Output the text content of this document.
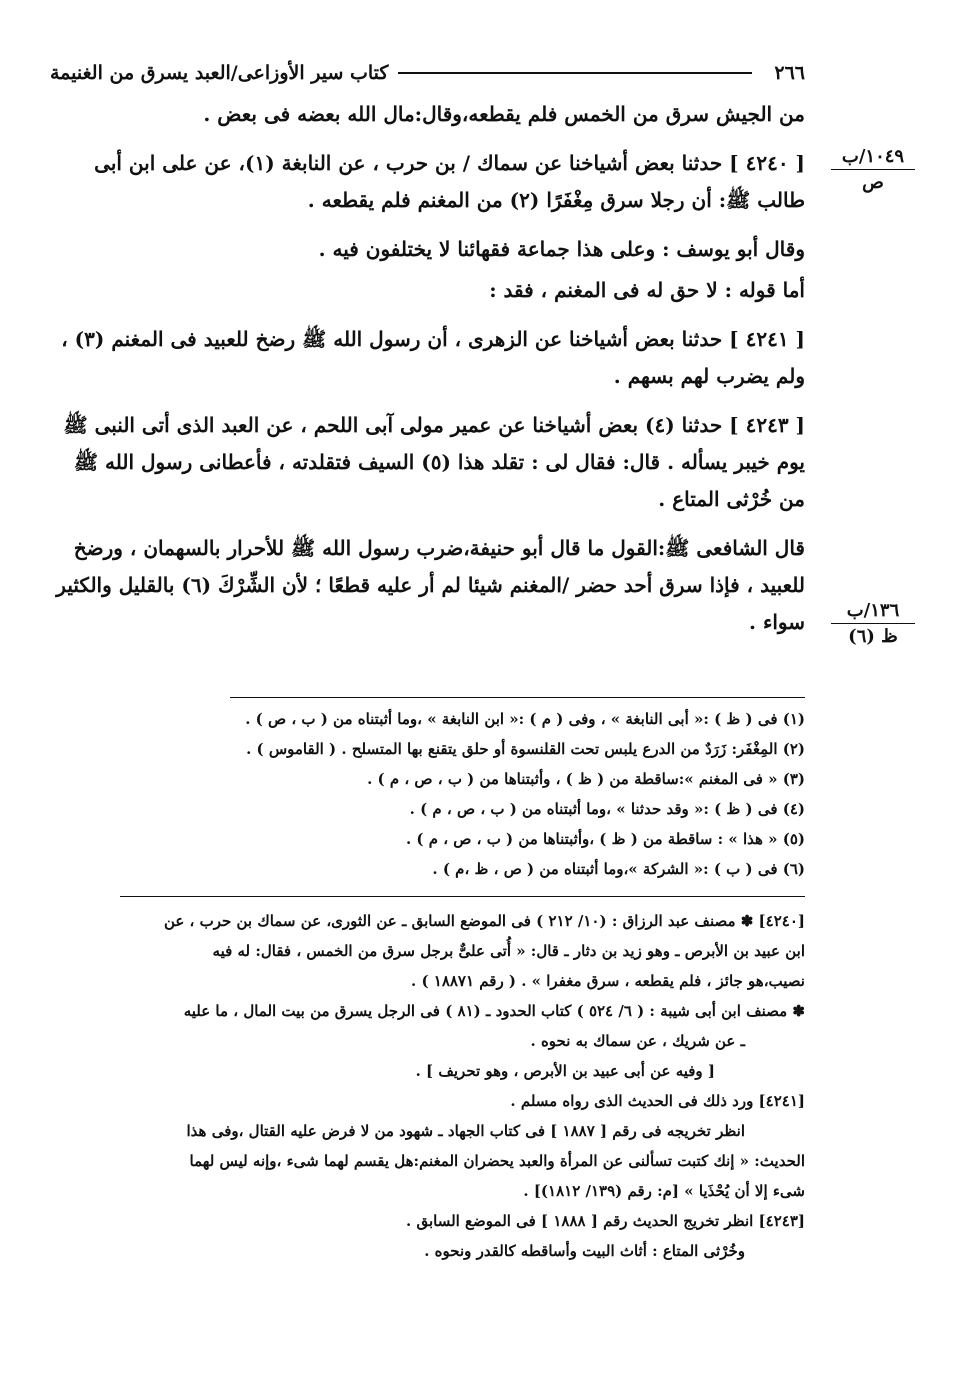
٢٦٦
كتاب سير الأوزاعى/العبد يسرق من الغنيمة
١٠٤٩/ب
ص
١٣٦/ب
ظ (٦)

من الجيش سرق من الخمس فلم يقطعه،وقال:مال الله بعضه فى بعض .

[ ٤٢٤٠ ] حدثنا بعض أشياخنا عن سماك / بن حرب ، عن النابغة (١)، عن على ابن أبى طالب ﷺ: أن رجلا سرق مِغْفَرًا (٢) من المغنم فلم يقطعه .

وقال أبو يوسف : وعلى هذا جماعة فقهائنا لا يختلفون فيه .

أما قوله : لا حق له فى المغنم ، فقد :

[ ٤٢٤١ ] حدثنا بعض أشياخنا عن الزهرى ، أن رسول الله ﷺ رضخ للعبيد فى المغنم (٣) ، ولم يضرب لهم بسهم .

[ ٤٢٤٣ ] حدثنا (٤) بعض أشياخنا عن عمير مولى آبى اللحم ، عن العبد الذى أتى النبى ﷺ يوم خيبر يسأله . قال: فقال لى : تقلد هذا (٥) السيف فتقلدته ، فأعطانى رسول الله ﷺ من خُرْثى المتاع .

قال الشافعى ﷺ:القول ما قال أبو حنيفة،ضرب رسول الله ﷺ للأحرار بالسهمان ، ورضخ للعبيد ، فإذا سرق أحد حضر /المغنم شيئا لم أر عليه قطعًا ؛ لأن الشِّرْكَ (٦) بالقليل والكثير سواء .

(١) فى ( ظ ) :« أبى النابغة » ، وفى ( م ) :« ابن النابغة » ،وما أثبتناه من ( ب ، ص ) .
(٢) المِغْفَر: زَرَدٌ من الدرع يلبس تحت القلنسوة أو حلق يتقنع بها المتسلح . ( القاموس ) .
(٣) « فى المغنم »:ساقطة من ( ظ ) ، وأثبتناها من ( ب ، ص ، م ) .
(٤) فى ( ظ ) :« وقد حدثنا » ،وما أثبتناه من ( ب ، ص ، م ) .
(٥) « هذا » : ساقطة من ( ظ ) ،وأثبتناها من ( ب ، ص ، م ) .
(٦) فى ( ب ) :« الشركة »،وما أثبتناه من ( ص ، ظ ،م ) .
[٤٢٤٠] ✽ مصنف عبد الرزاق : (١٠/ ٢١٢ ) فى الموضع السابق ـ عن الثورى، عن سماك بن حرب ، عن
ابن عبيد بن الأبرص ـ وهو زيد بن دثار ـ قال: « أُتى علىٌّ برجل سرق من الخمس ، فقال: له فيه
نصيب،هو جائز ، فلم يقطعه ، سرق مغفرا » . ( رقم ١٨٨٧١ ) .
✽ مصنف ابن أبى شيبة : ( ٦/ ٥٢٤ ) كتاب الحدود ـ (٨١ ) فى الرجل يسرق من بيت المال ، ما عليه
ـ عن شريك ، عن سماك به نحوه .
[ وفيه عن أبى عبيد بن الأبرص ، وهو تحريف ] .
[٤٢٤١] ورد ذلك فى الحديث الذى رواه مسلم .
انظر تخريجه فى رقم [ ١٨٨٧ ] فى كتاب الجهاد ـ شهود من لا فرض عليه القتال ،وفى هذا
الحديث: « إنك كتبت تسألنى عن المرأة والعبد يحضران المغنم:هل يقسم لهما شىء ،وإنه ليس لهما
شىء إلا أن يُحْذَيا » [م: رقم (١٣٩/ ١٨١٢)] .
[٤٢٤٣] انظر تخريج الحديث رقم [ ١٨٨٨ ] فى الموضع السابق .
وخُرْثى المتاع : أثاث البيت وأساقطه كالقدر ونحوه .
